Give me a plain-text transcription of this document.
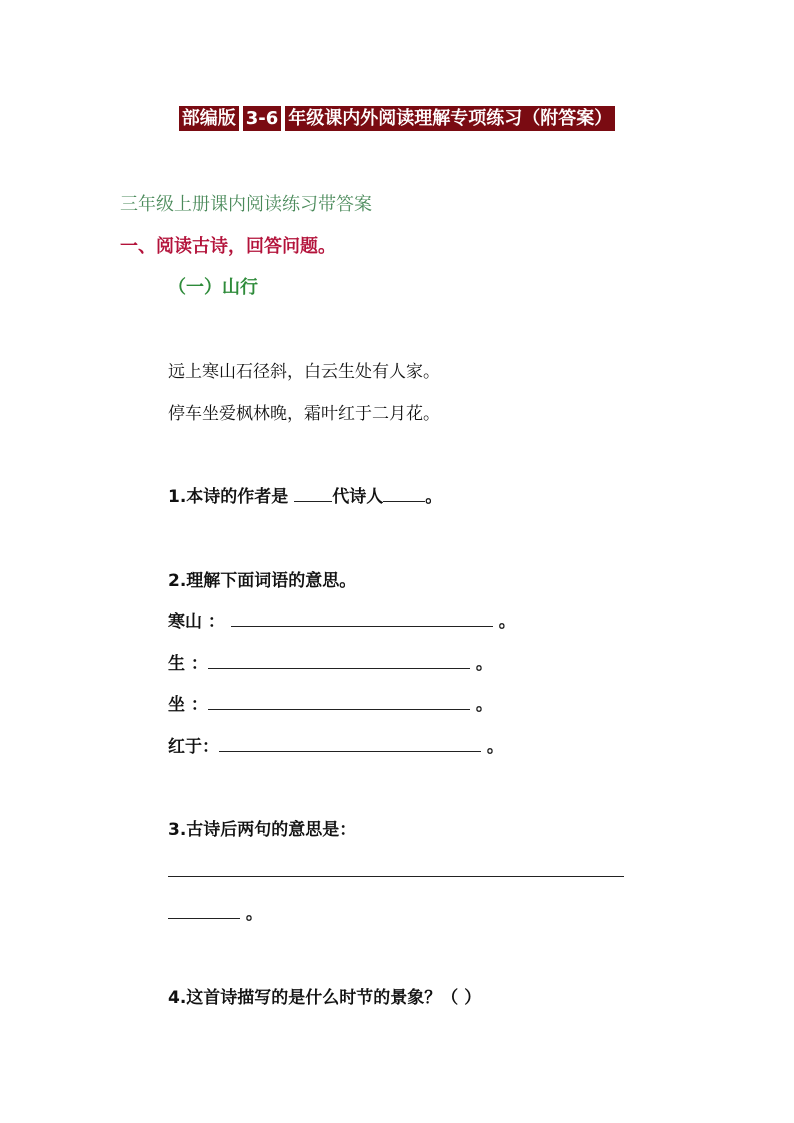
部编版 3-6 年级课内外阅读理解专项练习（附答案）
三年级上册课内阅读练习带答案
一、阅读古诗，回答问题。
（一）山行
远上寒山石径斜，白云生处有人家。
停车坐爱枫林晚，霜叶红于二月花。
1.本诗的作者是	代诗人 。
2.理解下面词语的意思。
寒山 ：	。
生 ：	。
坐 ：	。
红于：	。
3.古诗后两句的意思是：
。
4.这首诗描写的是什么时节的景象？（ ）
